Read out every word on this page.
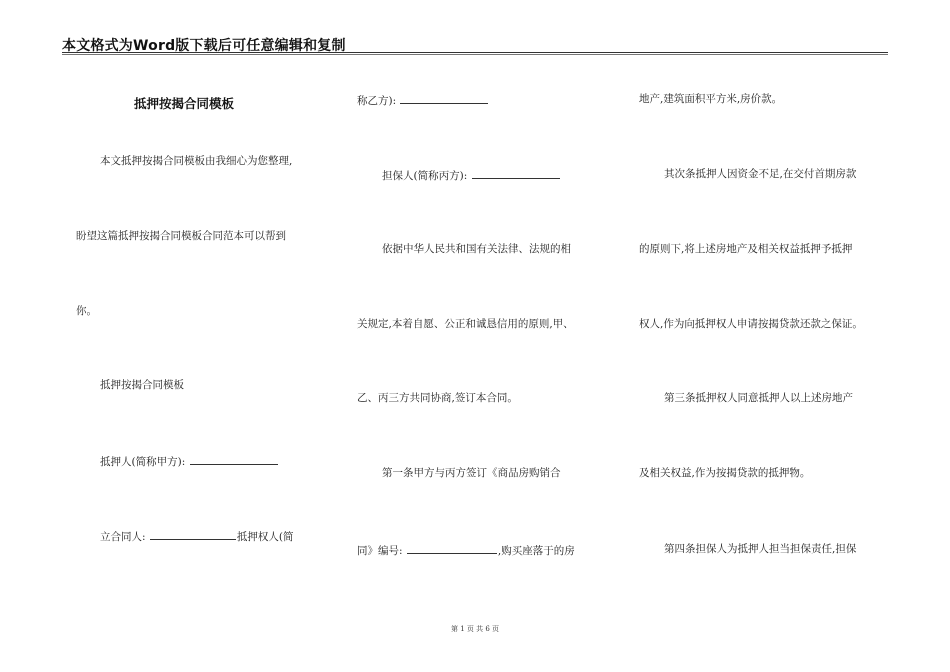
本文格式为Word版下载后可任意编辑和复制
抵押按揭合同模板
本文抵押按揭合同模板由我细心为您整理,
盼望这篇抵押按揭合同模板合同范本可以帮到
你。
抵押按揭合同模板
抵押人(简称甲方):
立合同人:	抵押权人(简
称乙方):
担保人(简称丙方):
依据中华人民共和国有关法律、法规的相
关规定,本着自愿、公正和诚恳信用的原则,甲、
乙、丙三方共同协商,签订本合同。
第一条甲方与丙方签订《商品房购销合
同》编号:	,购买座落于的房
地产,建筑面积平方米,房价款。
其次条抵押人因资金不足,在交付首期房款
的原则下,将上述房地产及相关权益抵押予抵押
权人,作为向抵押权人申请按揭贷款还款之保证。
第三条抵押权人同意抵押人以上述房地产
及相关权益,作为按揭贷款的抵押物。
第四条担保人为抵押人担当担保责任,担保
第 1 页 共 6 页
